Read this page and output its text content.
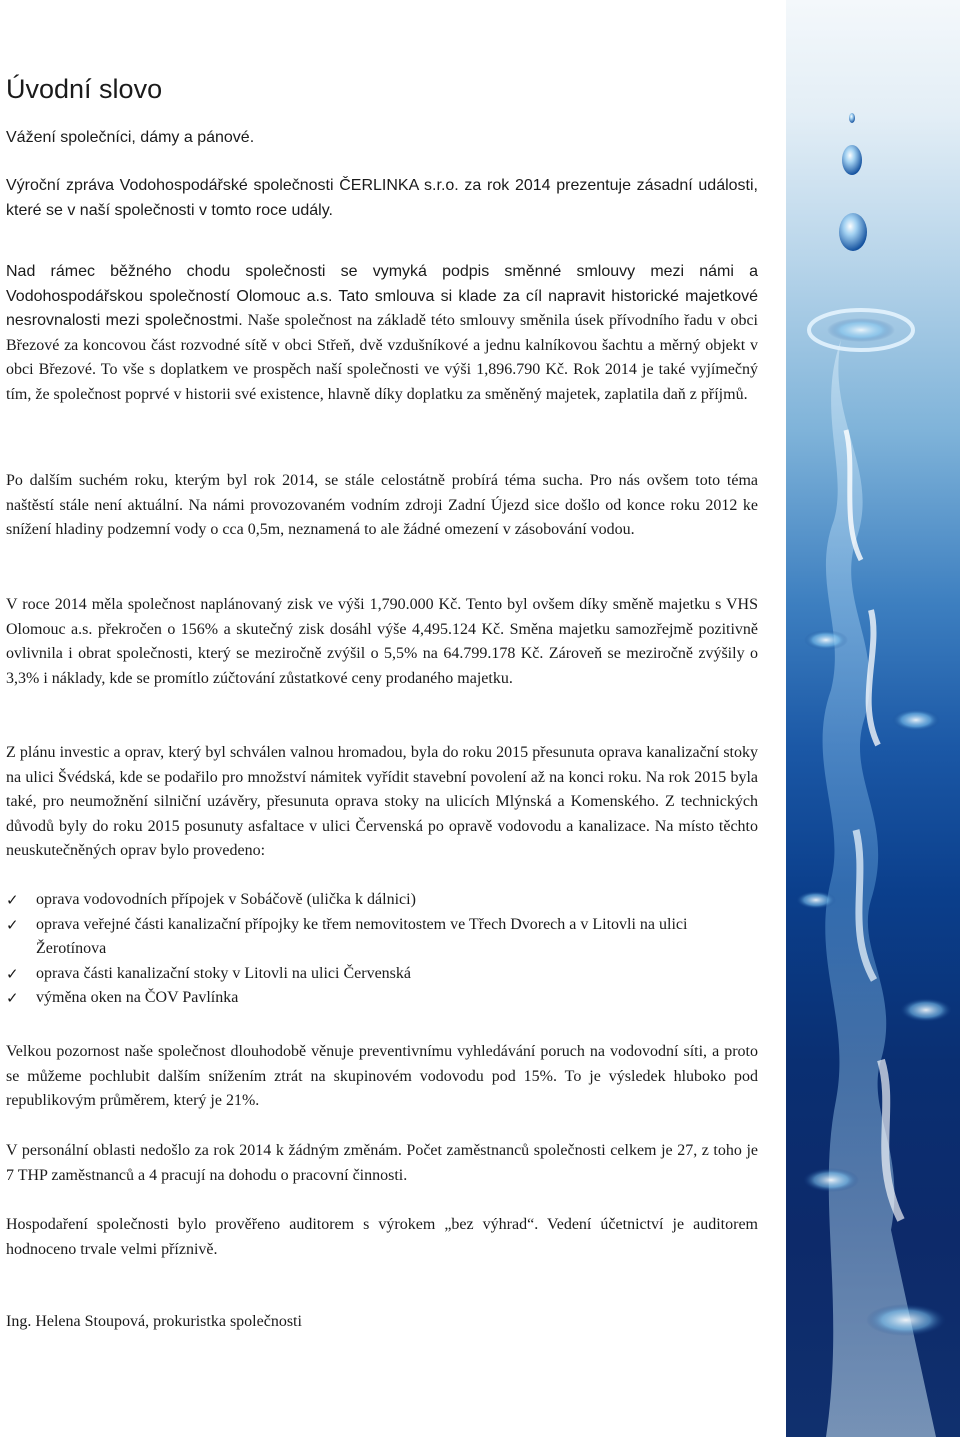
Úvodní slovo

Vážení společníci, dámy a pánové.

Výroční zpráva Vodohospodářské společnosti ČERLINKA s.r.o. za rok 2014 prezentuje zásadní události, které se v naší společnosti v tomto roce udály.

Nad rámec běžného chodu společnosti se vymyká podpis směnné smlouvy mezi námi a Vodohospodářskou společností Olomouc a.s. Tato smlouva si klade za cíl napravit historické majetkové nesrovnalosti mezi společnostmi. Naše společnost na základě této smlouvy směnila úsek přívodního řadu v obci Březové za koncovou část rozvodné sítě v obci Střeň, dvě vzdušníkové a jednu kalníkovou šachtu a měrný objekt v obci Březové. To vše s doplatkem ve prospěch naší společnosti ve výši 1,896.790 Kč. Rok 2014 je také vyjímečný tím, že společnost poprvé v historii své existence, hlavně díky doplatku za směněný majetek, zaplatila daň z příjmů.

Po dalším suchém roku, kterým byl rok 2014, se stále celostátně probírá téma sucha. Pro nás ovšem toto téma naštěstí stále není aktuální. Na námi provozovaném vodním zdroji Zadní Újezd sice došlo od konce roku 2012 ke snížení hladiny podzemní vody o cca 0,5m, neznamená to ale žádné omezení v zásobování vodou.

V roce 2014 měla společnost naplánovaný zisk ve výši 1,790.000 Kč. Tento byl ovšem díky směně majetku s VHS Olomouc a.s. překročen o 156% a skutečný zisk dosáhl výše 4,495.124 Kč. Směna majetku samozřejmě pozitivně ovlivnila i obrat společnosti, který se meziročně zvýšil o 5,5% na 64.799.178 Kč. Zároveň se meziročně zvýšily o 3,3% i náklady, kde se promítlo zúčtování zůstatkové ceny prodaného majetku.

Z plánu investic a oprav, který byl schválen valnou hromadou, byla do roku 2015 přesunuta oprava kanalizační stoky na ulici Švédská, kde se podařilo pro množství námitek vyřídit stavební povolení až na konci roku. Na rok 2015 byla také, pro neumožnění silniční uzávěry, přesunuta oprava stoky na ulicích Mlýnská a Komenského. Z technických důvodů byly do roku 2015 posunuty asfaltace v ulici Červenská po opravě vodovodu a kanalizace. Na místo těchto neuskutečněných oprav bylo provedeno:

✓ oprava vodovodních přípojek v Sobáčově (ulička k dálnici)
✓ oprava veřejné části kanalizační přípojky ke třem nemovitostem ve Třech Dvorech a v Litovli na ulici Žerotínova
✓ oprava části kanalizační stoky v Litovli na ulici Červenská
✓ výměna oken na ČOV Pavlínka

Velkou pozornost naše společnost dlouhodobě věnuje preventivnímu vyhledávání poruch na vodovodní síti, a proto se můžeme pochlubit dalším snížením ztrát na skupinovém vodovodu pod 15%. To je výsledek hluboko pod republikovým průměrem, který je 21%.

V personální oblasti nedošlo za rok 2014 k žádným změnám. Počet zaměstnanců společnosti celkem je 27, z toho je 7 THP zaměstnanců a 4 pracují na dohodu o pracovní činnosti.

Hospodaření společnosti bylo prověřeno auditorem s výrokem „bez výhrad“. Vedení účetnictví je auditorem hodnoceno trvale velmi příznivě.

Ing. Helena Stoupová, prokuristka společnosti
